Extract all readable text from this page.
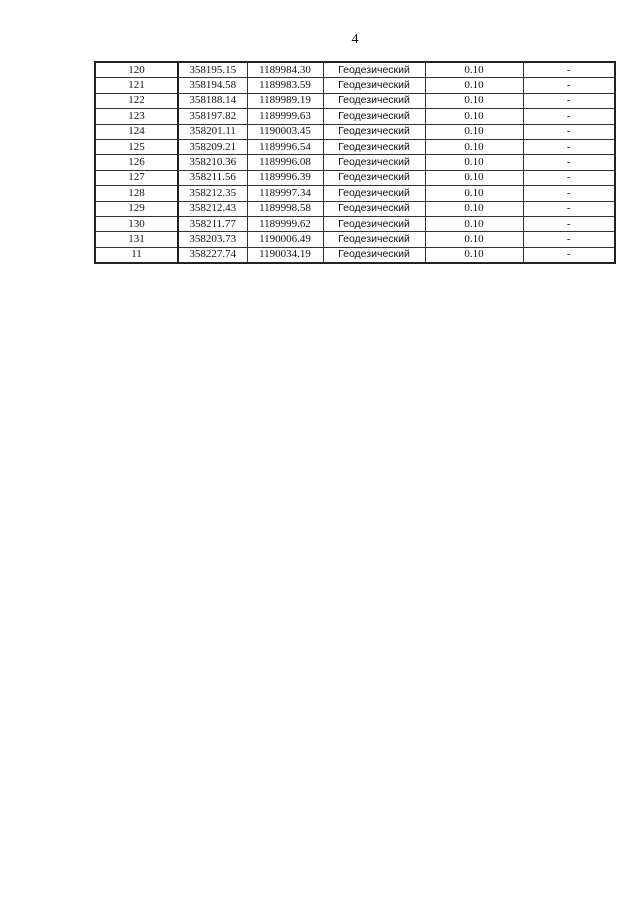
4
120	358195.15	1189984.30	Геодезический	0.10	-
121	358194.58	1189983.59	Геодезический	0.10	-
122	358188.14	1189989.19	Геодезический	0.10	-
123	358197.82	1189999.63	Геодезический	0.10	-
124	358201.11	1190003.45	Геодезический	0.10	-
125	358209.21	1189996.54	Геодезический	0.10	-
126	358210.36	1189996.08	Геодезический	0.10	-
127	358211.56	1189996.39	Геодезический	0.10	-
128	358212.35	1189997.34	Геодезический	0.10	-
129	358212.43	1189998.58	Геодезический	0.10	-
130	358211.77	1189999.62	Геодезический	0.10	-
131	358203.73	1190006.49	Геодезический	0.10	-
11	358227.74	1190034.19	Геодезический	0.10	-
